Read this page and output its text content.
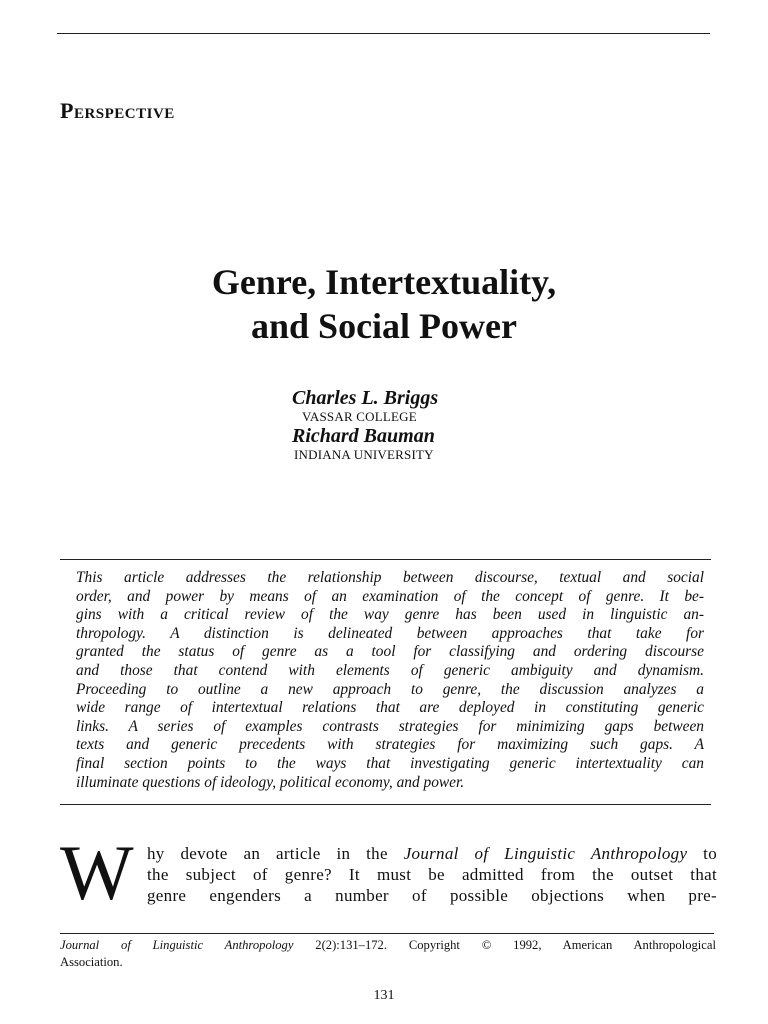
Perspective
Genre, Intertextuality,
and Social Power
Charles L. Briggs
VASSAR COLLEGE
Richard Bauman
INDIANA UNIVERSITY
This article addresses the relationship between discourse, textual and social
order, and power by means of an examination of the concept of genre. It be-
gins with a critical review of the way genre has been used in linguistic an-
thropology. A distinction is delineated between approaches that take for
granted the status of genre as a tool for classifying and ordering discourse
and those that contend with elements of generic ambiguity and dynamism.
Proceeding to outline a new approach to genre, the discussion analyzes a
wide range of intertextual relations that are deployed in constituting generic
links. A series of examples contrasts strategies for minimizing gaps between
texts and generic precedents with strategies for maximizing such gaps. A
final section points to the ways that investigating generic intertextuality can
illuminate questions of ideology, political economy, and power.

W hy devote an article in the Journal of Linguistic Anthropology to
the subject of genre? It must be admitted from the outset that
genre engenders a number of possible objections when pre-
Journal of Linguistic Anthropology 2(2):131–172. Copyright © 1992, American Anthropological
Association.

131
